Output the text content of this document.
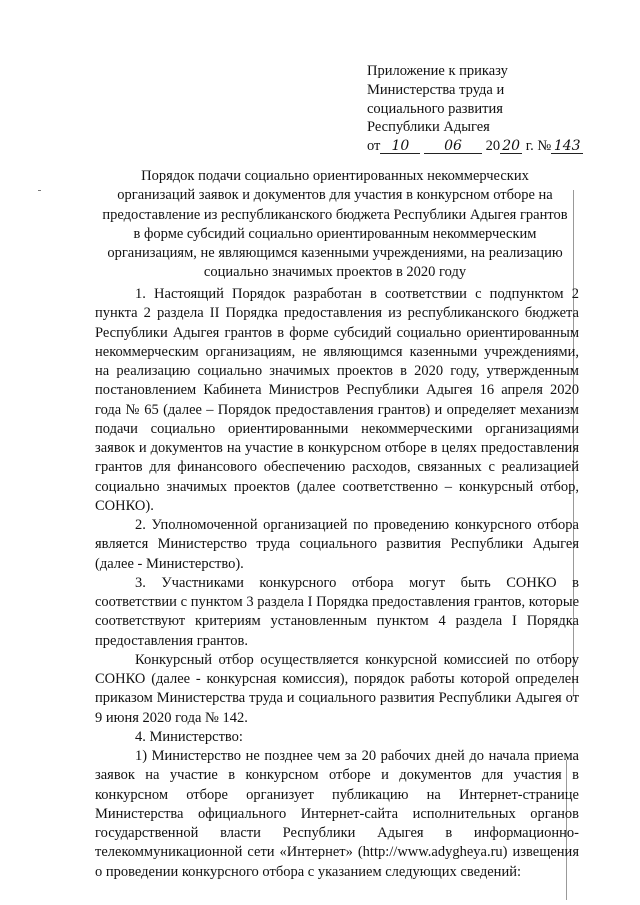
Приложение к приказу
Министерства труда и
социального развития
Республики Адыгея
от 10 06 20 20 г. № 143
Порядок подачи социально ориентированных некоммерческих
организаций заявок и документов для участия в конкурсном отборе на
предоставление из республиканского бюджета Республики Адыгея грантов
в форме субсидий социально ориентированным некоммерческим
организациям, не являющимся казенными учреждениями, на реализацию
социально значимых проектов в 2020 году

1. Настоящий Порядок разработан в соответствии с подпунктом 2 пункта 2 раздела II Порядка предоставления из республиканского бюджета Республики Адыгея грантов в форме субсидий социально ориентированным некоммерческим организациям, не являющимся казенными учреждениями, на реализацию социально значимых проектов в 2020 году, утвержденным постановлением Кабинета Министров Республики Адыгея 16 апреля 2020 года № 65 (далее – Порядок предоставления грантов) и определяет механизм подачи социально ориентированными некоммерческими организациями заявок и документов на участие в конкурсном отборе в целях предоставления грантов для финансового обеспечению расходов, связанных с реализацией социально значимых проектов (далее соответственно – конкурсный отбор, СОНКО).

2. Уполномоченной организацией по проведению конкурсного отбора является Министерство труда социального развития Республики Адыгея (далее - Министерство).

3. Участниками конкурсного отбора могут быть СОНКО в соответствии с пунктом 3 раздела I Порядка предоставления грантов, которые соответствуют критериям установленным пунктом 4 раздела I Порядка предоставления грантов.

Конкурсный отбор осуществляется конкурсной комиссией по отбору СОНКО (далее - конкурсная комиссия), порядок работы которой определен приказом Министерства труда и социального развития Республики Адыгея от 9 июня 2020 года № 142.

4. Министерство:

1) Министерство не позднее чем за 20 рабочих дней до начала приема заявок на участие в конкурсном отборе и документов для участия в конкурсном отборе организует публикацию на Интернет-странице Министерства официального Интернет-сайта исполнительных органов государственной власти Республики Адыгея в информационно-телекоммуникационной сети «Интернет» (http://www.adygheya.ru) извещения о проведении конкурсного отбора с указанием следующих сведений:
